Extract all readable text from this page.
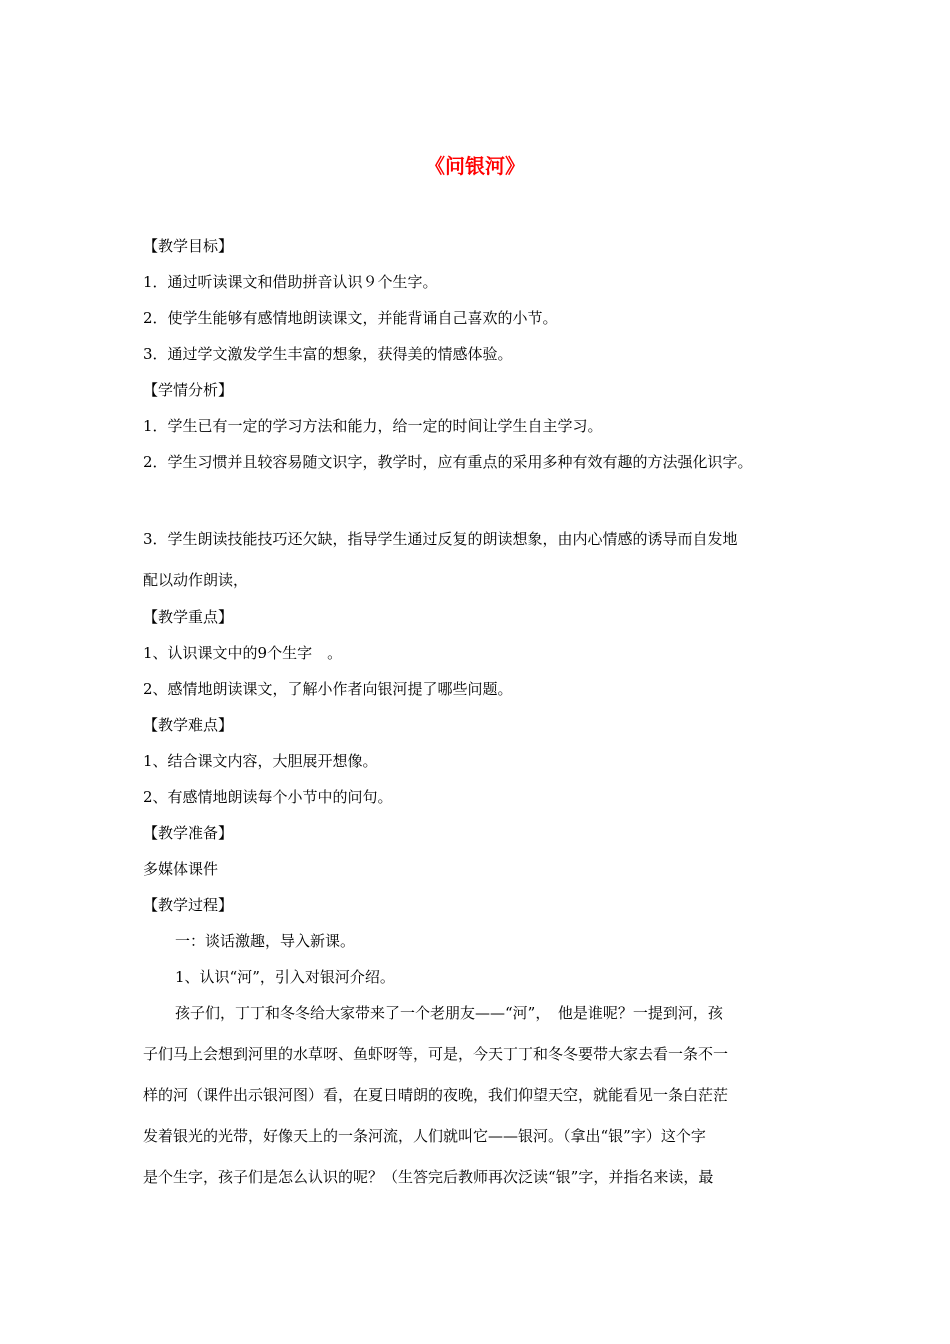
《问银河》
【教学目标】
1．通过听读课文和借助拼音认识９个生字。
2．使学生能够有感情地朗读课文，并能背诵自己喜欢的小节。
3．通过学文激发学生丰富的想象，获得美的情感体验。
【学情分析】
1．学生已有一定的学习方法和能力，给一定的时间让学生自主学习。
2．学生习惯并且较容易随文识字，教学时，应有重点的采用多种有效有趣的方法强化识字。
3．学生朗读技能技巧还欠缺，指导学生通过反复的朗读想象，由内心情感的诱导而自发地
配以动作朗读，
【教学重点】
1、认识课文中的9个生字　。
2、感情地朗读课文，了解小作者向银河提了哪些问题。
【教学难点】
1、结合课文内容，大胆展开想像。
2、有感情地朗读每个小节中的问句。
【教学准备】
多媒体课件
【教学过程】
一：谈话激趣，导入新课。
1、认识“河”，引入对银河介绍。
孩子们，丁丁和冬冬给大家带来了一个老朋友——“河”，　他是谁呢？一提到河，孩
子们马上会想到河里的水草呀、鱼虾呀等，可是，今天丁丁和冬冬要带大家去看一条不一
样的河（课件出示银河图）看，在夏日晴朗的夜晚，我们仰望天空，就能看见一条白茫茫
发着银光的光带，好像天上的一条河流，人们就叫它——银河。（拿出“银”字）这个字
是个生字，孩子们是怎么认识的呢？（生答完后教师再次泛读“银”字，并指名来读，最
